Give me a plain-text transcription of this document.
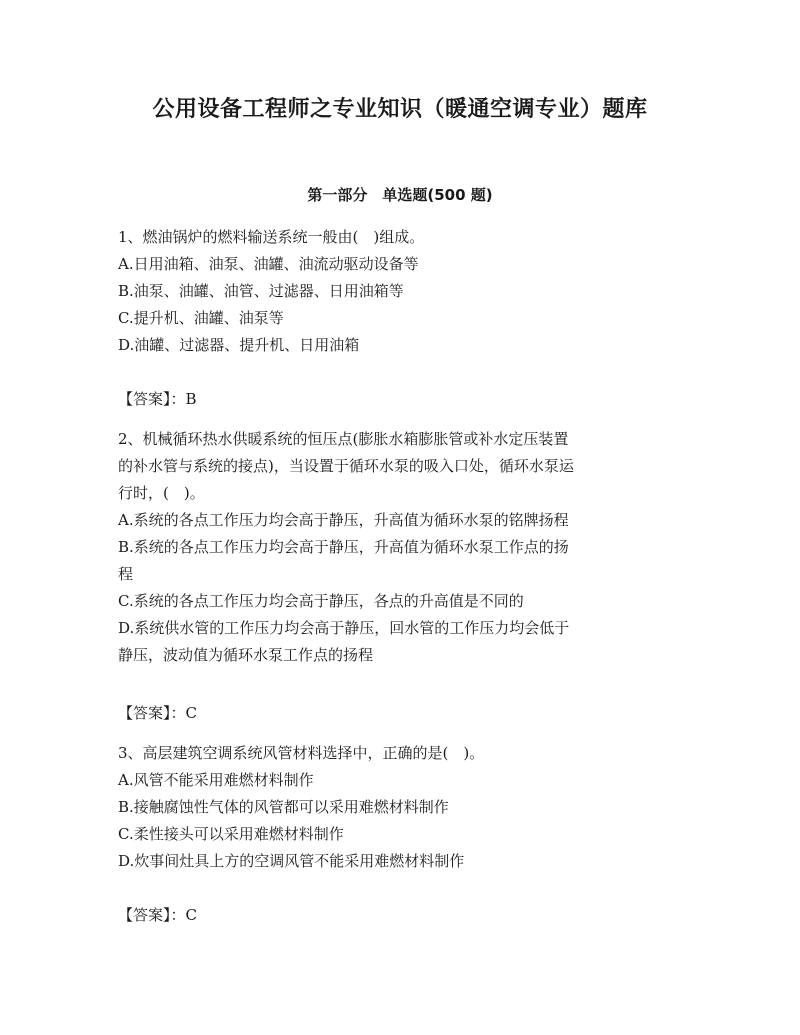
公用设备工程师之专业知识（暖通空调专业）题库
第一部分　单选题(500 题)
1、燃油锅炉的燃料输送系统一般由(　)组成。
A.日用油箱、油泵、油罐、油流动驱动设备等
B.油泵、油罐、油管、过滤器、日用油箱等
C.提升机、油罐、油泵等
D.油罐、过滤器、提升机、日用油箱
【答案】：B
2、机械循环热水供暖系统的恒压点(膨胀水箱膨胀管或补水定压装置
的补水管与系统的接点)，当设置于循环水泵的吸入口处，循环水泵运
行时，(　)。
A.系统的各点工作压力均会高于静压，升高值为循环水泵的铭牌扬程
B.系统的各点工作压力均会高于静压，升高值为循环水泵工作点的扬
程
C.系统的各点工作压力均会高于静压，各点的升高值是不同的
D.系统供水管的工作压力均会高于静压，回水管的工作压力均会低于
静压，波动值为循环水泵工作点的扬程
【答案】：C
3、高层建筑空调系统风管材料选择中，正确的是(　)。
A.风管不能采用难燃材料制作
B.接触腐蚀性气体的风管都可以采用难燃材料制作
C.柔性接头可以采用难燃材料制作
D.炊事间灶具上方的空调风管不能采用难燃材料制作
【答案】：C
